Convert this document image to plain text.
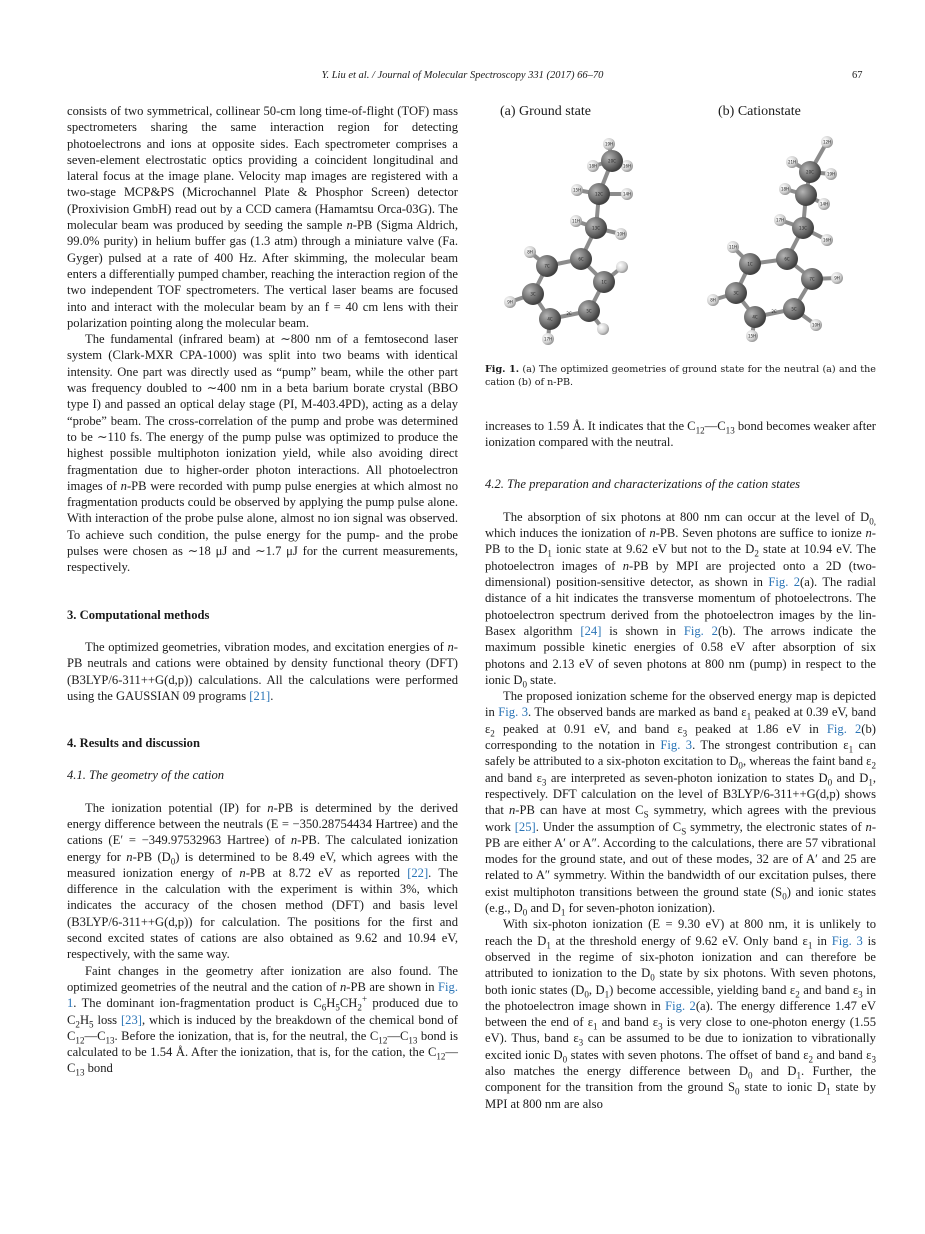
Y. Liu et al. / Journal of Molecular Spectroscopy 331 (2017) 66–70	67

consists of two symmetrical, collinear 50-cm long time-of-flight (TOF) mass spectrometers sharing the same interaction region for detecting photoelectrons and ions at opposite sides. Each spectrometer comprises a seven-element electrostatic optics providing a coincident longitudinal and lateral focus at the image plane. Velocity map images are registered with a two-stage MCP&PS (Microchannel Plate & Phosphor Screen) detector (Proxivision GmbH) read out by a CCD camera (Hamamtsu Orca-03G). The molecular beam was produced by seeding the sample n-PB (Sigma Aldrich, 99.0% purity) in helium buffer gas (1.3 atm) through a miniature valve (Fa. Gyger) pulsed at a rate of 400 Hz. After skimming, the molecular beam enters a differentially pumped chamber, reaching the interaction region of the two independent TOF spectrometers. The vertical laser beams are focused into and interact with the molecular beam by an f = 40 cm lens with their polarization pointing along the molecular beam.

The fundamental (infrared beam) at ∼800 nm of a femtosecond laser system (Clark-MXR CPA-1000) was split into two beams with identical intensity. One part was directly used as “pump” beam, while the other part was frequency doubled to ∼400 nm in a beta barium borate crystal (BBO type I) and passed an optical delay stage (PI, M-403.4PD), acting as a delay “probe” beam. The cross-correlation of the pump and probe was determined to be ∼110 fs. The energy of the pump pulse was optimized to produce the highest possible multiphoton ionization yield, while also avoiding direct fragmentation due to higher-order photon interactions. All photoelectron images of n-PB were recorded with pump pulse energies at which almost no fragmentation products could be observed by applying the pump pulse alone. With interaction of the probe pulse alone, almost no ion signal was observed. To achieve such condition, the pulse energy for the pump- and the probe pulses were chosen as ∼18 μJ and ∼1.7 μJ for the current measurements, respectively.

3. Computational methods

The optimized geometries, vibration modes, and excitation energies of n-PB neutrals and cations were obtained by density functional theory (DFT) (B3LYP/6-311++G(d,p)) calculations. All the calculations were performed using the GAUSSIAN 09 programs [21].

4. Results and discussion

4.1. The geometry of the cation

The ionization potential (IP) for n-PB is determined by the derived energy difference between the neutrals (E = −350.28754434 Hartree) and the cations (E′ = −349.97532963 Hartree) of n-PB. The calculated ionization energy for n-PB $(D_0)$ is determined to be 8.49 eV, which agrees with the measured ionization energy of n-PB at 8.72 eV as reported [22]. The difference in the calculation with the experiment is within 3%, which indicates the accuracy of the chosen method (DFT) and basis level (B3LYP/6-311++G(d,p)) for calculation. The positions for the first and second excited states of cations are also obtained as 9.62 and 10.94 eV, respectively, with the same way.

Faint changes in the geometry after ionization are also found. The optimized geometries of the neutral and the cation of n-PB are shown in Fig. 1. The dominant ion-fragmentation product is $C_6H_5CH_2^+$ produced due to $C_2H_5$ loss [23], which is induced by the breakdown of the chemical bond of $C_{12}—C_{13}$. Before the ionization, that is, for the neutral, the $C_{12}—C_{13}$ bond is calculated to be 1.54 Å. After the ionization, that is, for the cation, the $C_{12}—C_{13}$ bond

(a) Ground state	(b) Cationstate
19H
18H
20C
16H
15H
14H
12C
13C
11H
6C
7C
10H
1C
5C
3C
4C
2C
8H
9H
17H
12H
21H
20C	19H
18H
14H
17H
13C
16H
11H
6C
7C
1C
5C
15H
3C
4C
2C
8H
9H
10H
Fig. 1. (a) The optimized geometries of ground state for the neutral (a) and the cation (b) of n-PB.

increases to 1.59 Å. It indicates that the $C_{12}—C_{13}$ bond becomes weaker after ionization compared with the neutral.

4.2. The preparation and characterizations of the cation states

The absorption of six photons at 800 nm can occur at the level of $D_{0,}$ which induces the ionization of n-PB. Seven photons are suffice to ionize n-PB to the $D_1$ ionic state at 9.62 eV but not to the $D_2$ state at 10.94 eV. The photoelectron images of n-PB by MPI are projected onto a 2D (two-dimensional) position-sensitive detector, as shown in Fig. 2(a). The radial distance of a hit indicates the transverse momentum of photoelectrons. The photoelectron spectrum derived from the photoelectron images by the lin-Basex algorithm [24] is shown in Fig. 2(b). The arrows indicate the maximum possible kinetic energies of 0.58 eV after absorption of six photons and 2.13 eV of seven photons at 800 nm (pump) in respect to the ionic $D_0$ state.

The proposed ionization scheme for the observed energy map is depicted in Fig. 3. The observed bands are marked as band $\varepsilon_1$ peaked at 0.39 eV, band $\varepsilon_2$ peaked at 0.91 eV, and band $\varepsilon_3$ peaked at 1.86 eV in Fig. 2(b) corresponding to the notation in Fig. 3. The strongest contribution $\varepsilon_1$ can safely be attributed to a six-photon excitation to $D_0$, whereas the faint band $\varepsilon_2$ and band $\varepsilon_3$ are interpreted as seven-photon ionization to states $D_0$ and $D_1$, respectively. DFT calculation on the level of B3LYP/6-311++G(d,p) shows that n-PB can have at most $C_S$ symmetry, which agrees with the previous work [25]. Under the assumption of $C_S$ symmetry, the electronic states of n-PB are either A′ or A″. According to the calculations, there are 57 vibrational modes for the ground state, and out of these modes, 32 are of A′ and 25 are related to A″ symmetry. Within the bandwidth of our excitation pulses, there exist multiphoton transitions between the ground state $(S_0)$ and ionic states (e.g., $D_0$ and $D_1$ for seven-photon ionization).

With six-photon ionization (E = 9.30 eV) at 800 nm, it is unlikely to reach the $D_1$ at the threshold energy of 9.62 eV. Only band $\varepsilon_1$ in Fig. 3 is observed in the regime of six-photon ionization and can therefore be attributed to ionization to the $D_0$ state by six photons. With seven photons, both ionic states ($D_0$, $D_1$) become accessible, yielding band $\varepsilon_2$ and band $\varepsilon_3$ in the photoelectron image shown in Fig. 2(a). The energy difference 1.47 eV between the end of $\varepsilon_1$ and band $\varepsilon_3$ is very close to one-photon energy (1.55 eV). Thus, band $\varepsilon_3$ can be assumed to be due to ionization to vibrationally excited ionic $D_0$ states with seven photons. The offset of band $\varepsilon_2$ and band $\varepsilon_3$ also matches the energy difference between $D_0$ and $D_1$. Further, the component for the transition from the ground $S_0$ state to ionic $D_1$ state by MPI at 800 nm are also
